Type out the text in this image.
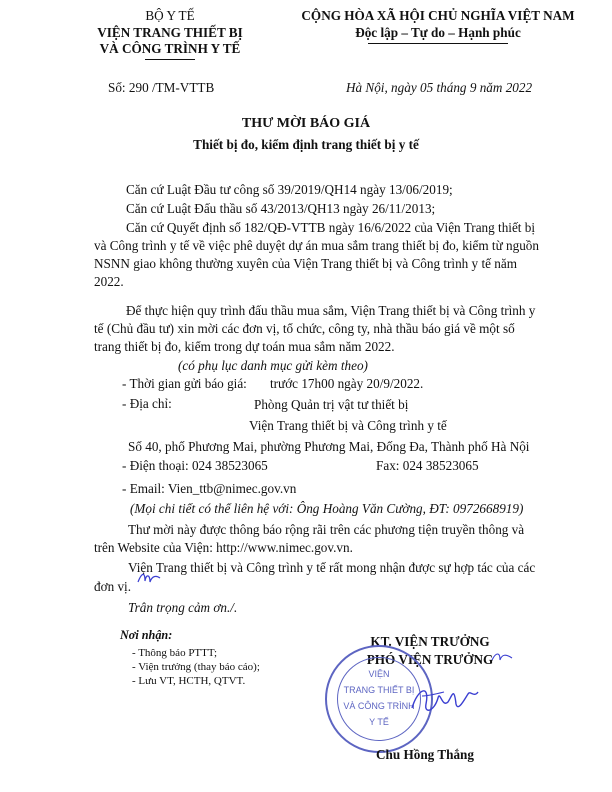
BỘ Y TẾ
VIỆN TRANG THIẾT BỊ
VÀ CÔNG TRÌNH Y TẾ
Số: 290 /TM-VTTB
CỘNG HÒA XÃ HỘI CHỦ NGHĨA VIỆT NAM
Độc lập – Tự do – Hạnh phúc
Hà Nội, ngày 05 tháng 9 năm 2022
THƯ MỜI BÁO GIÁ
Thiết bị đo, kiểm định trang thiết bị y tế
Căn cứ Luật Đầu tư công số 39/2019/QH14 ngày 13/06/2019;
Căn cứ Luật Đấu thầu số 43/2013/QH13 ngày 26/11/2013;
Căn cứ Quyết định số 182/QĐ-VTTB ngày 16/6/2022 của Viện Trang thiết bị
và Công trình y tế về việc phê duyệt dự án mua sắm trang thiết bị đo, kiểm từ nguồn
NSNN giao không thường xuyên của Viện Trang thiết bị và Công trình y tế năm
2022.
Để thực hiện quy trình đấu thầu mua sắm, Viện Trang thiết bị và Công trình y
tế (Chủ đầu tư) xin mời các đơn vị, tổ chức, công ty, nhà thầu báo giá về một số
trang thiết bị đo, kiểm trong dự toán mua sắm năm 2022.
(có phụ lục danh mục gửi kèm theo)
- Thời gian gửi báo giá: trước 17h00 ngày 20/9/2022.
- Địa chỉ:	Phòng Quản trị vật tư thiết bị
Viện Trang thiết bị và Công trình y tế
Số 40, phố Phương Mai, phường Phương Mai, Đống Đa, Thành phố Hà Nội
- Điện thoại: 024 38523065	Fax: 024 38523065
- Email: Vien_ttb@nimec.gov.vn
(Mọi chi tiết có thể liên hệ với: Ông Hoàng Văn Cường, ĐT: 0972668919)
Thư mời này được thông báo rộng rãi trên các phương tiện truyền thông và
trên Website của Viện: http://www.nimec.gov.vn.
Viện Trang thiết bị và Công trình y tế rất mong nhận được sự hợp tác của các
đơn vị.
Trân trọng cảm ơn./.
Nơi nhận:
- Thông báo PTTT;
- Viện trưởng (thay báo cáo);
- Lưu VT, HCTH, QTVT.
KT. VIỆN TRƯỞNG
PHÓ VIỆN TRƯỞNG
VIỆN
TRANG THIẾT BỊ
VÀ CÔNG TRÌNH
Y TẾ
Chu Hồng Thắng
